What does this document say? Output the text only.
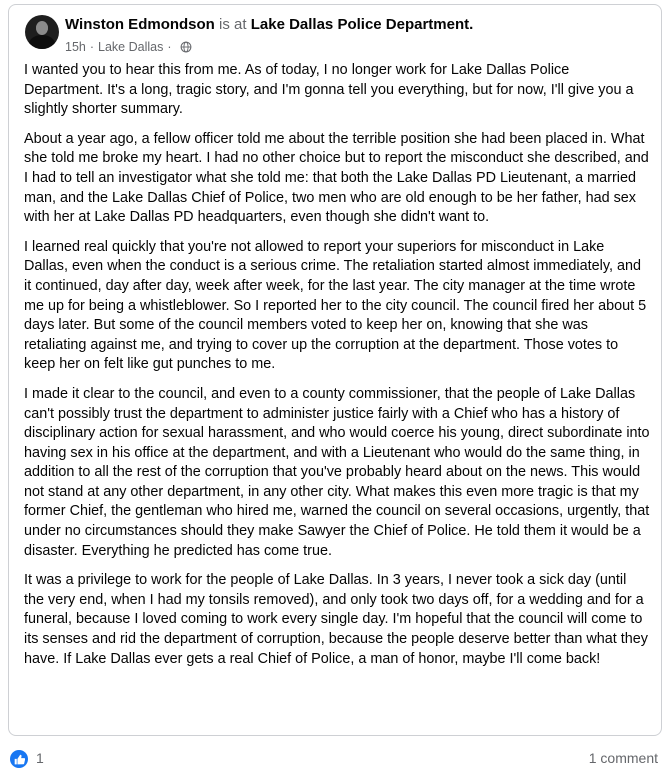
Winston Edmondson is at Lake Dallas Police Department.
15h · Lake Dallas ·

I wanted you to hear this from me. As of today, I no longer work for Lake Dallas Police Department. It's a long, tragic story, and I'm gonna tell you everything, but for now, I'll give you a slightly shorter summary.

About a year ago, a fellow officer told me about the terrible position she had been placed in. What she told me broke my heart. I had no other choice but to report the misconduct she described, and I had to tell an investigator what she told me: that both the Lake Dallas PD Lieutenant, a married man, and the Lake Dallas Chief of Police, two men who are old enough to be her father, had sex with her at Lake Dallas PD headquarters, even though she didn't want to.

I learned real quickly that you're not allowed to report your superiors for misconduct in Lake Dallas, even when the conduct is a serious crime. The retaliation started almost immediately, and it continued, day after day, week after week, for the last year. The city manager at the time wrote me up for being a whistleblower. So I reported her to the city council. The council fired her about 5 days later. But some of the council members voted to keep her on, knowing that she was retaliating against me, and trying to cover up the corruption at the department. Those votes to keep her on felt like gut punches to me.

I made it clear to the council, and even to a county commissioner, that the people of Lake Dallas can't possibly trust the department to administer justice fairly with a Chief who has a history of disciplinary action for sexual harassment, and who would coerce his young, direct subordinate into having sex in his office at the department, and with a Lieutenant who would do the same thing, in addition to all the rest of the corruption that you've probably heard about on the news. This would not stand at any other department, in any other city. What makes this even more tragic is that my former Chief, the gentleman who hired me, warned the council on several occasions, urgently, that under no circumstances should they make Sawyer the Chief of Police. He told them it would be a disaster. Everything he predicted has come true.

It was a privilege to work for the people of Lake Dallas. In 3 years, I never took a sick day (until the very end, when I had my tonsils removed), and only took two days off, for a wedding and for a funeral, because I loved coming to work every single day. I'm hopeful that the council will come to its senses and rid the department of corruption, because the people deserve better than what they have. If Lake Dallas ever gets a real Chief of Police, a man of honor, maybe I'll come back!

1	1 comment
